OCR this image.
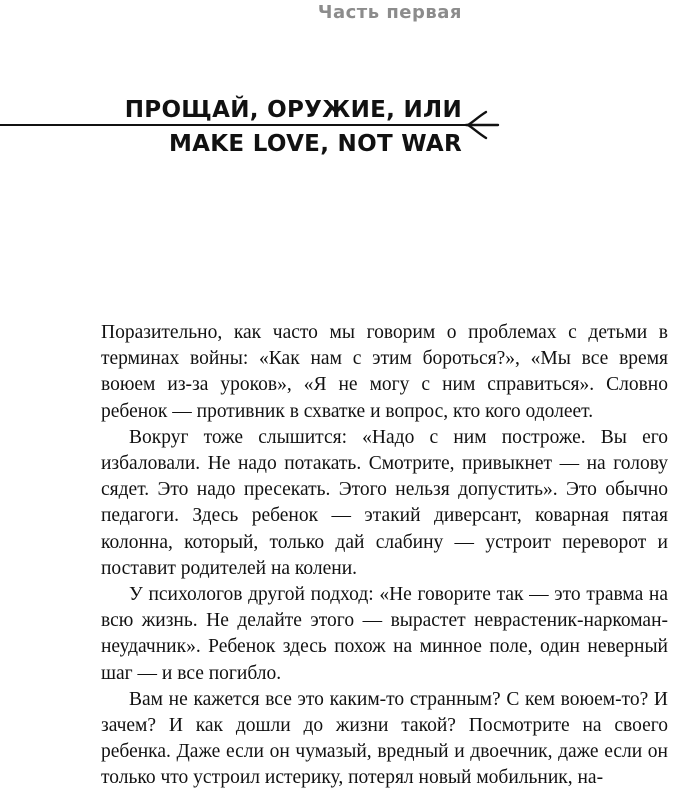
Часть первая
ПРОЩАЙ, ОРУЖИЕ, ИЛИ
MAKE LOVE, NOT WAR

Поразительно, как часто мы говорим о проблемах с детьми в терминах войны: «Как нам с этим бороться?», «Мы все время воюем из-за уроков», «Я не могу с ним справиться». Словно ребенок — противник в схватке и вопрос, кто кого одолеет.

Вокруг тоже слышится: «Надо с ним построже. Вы его избаловали. Не надо потакать. Смотрите, привыкнет — на голову сядет. Это надо пресекать. Этого нельзя допустить». Это обычно педагоги. Здесь ребенок — этакий диверсант, коварная пятая колонна, который, только дай слабину — устроит переворот и поставит родителей на колени.

У психологов другой подход: «Не говорите так — это травма на всю жизнь. Не делайте этого — вырастет неврастеник-наркоман-неудачник». Ребенок здесь похож на минное поле, один неверный шаг — и все погибло.

Вам не кажется все это каким-то странным? С кем воюем-то? И зачем? И как дошли до жизни такой? Посмотрите на своего ребенка. Даже если он чумазый, вредный и двоечник, даже если он только что устроил истерику, потерял новый мобильник, на-
